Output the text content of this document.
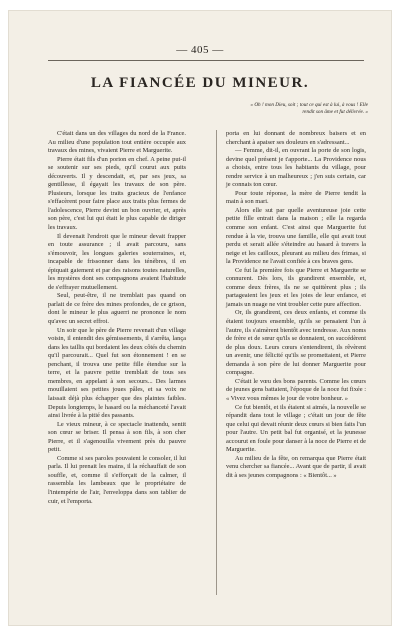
— 405 —
LA FIANCÉE DU MINEUR.
« Oh ! mon Dieu, soit ; tout ce qui est à lui, à vous ! Elle rendit son âme et fut délivrée. »

C'était dans un des villages du nord de la France. Au milieu d'une population tout entière occupée aux travaux des mines, vivaient Pierre et Marguerite.

Pierre était fils d'un porion en chef. A peine put-il se soutenir sur ses pieds, qu'il courut aux puits découverts. Il y descendait, et, par ses jeux, sa gentillesse, il égayait les travaux de son père. Plusieurs, lorsque les traits gracieux de l'enfance s'effacèrent pour faire place aux traits plus fermes de l'adolescence, Pierre devint un bon ouvrier, et, après son père, c'est lui qui était le plus capable de diriger les travaux.

Il devenait l'endroit que le mineur devait frapper en toute assurance ; il avait parcouru, sans s'émouvoir, les longues galeries souterraines, et, incapable de frissonner dans les ténèbres, il en épiquait gaiement et par des raisons toutes naturelles, les mystères dont ses compagnons avaient l'habitude de s'effrayer mutuellement.

Seul, peut-être, il ne tremblait pas quand on parlait de ce frère des mines profondes, de ce grison, dont le mineur le plus aguerri ne prononce le nom qu'avec un secret effroi.

Un soir que le père de Pierre revenait d'un village voisin, il entendit des gémissements, il s'arrêta, lança dans les taillis qui bordaient les deux côtés du chemin qu'il parcourait... Quel fut son étonnement ! en se penchant, il trouva une petite fille étendue sur la terre, et la pauvre petite tremblait de tous ses membres, en appelant à son secours... Des larmes mouillaient ses petites joues pâles, et sa voix ne laissait déjà plus échapper que des plaintes faibles. Depuis longtemps, le hasard ou la méchanceté l'avait ainsi livrée à la pitié des passants.

Le vieux mineur, à ce spectacle inattendu, sentit son cœur se briser. Il pensa à son fils, à son cher Pierre, et il s'agenouilla vivement près du pauvre petit.

Comme si ses paroles pouvaient le consoler, il lui parla. Il lui prenait les mains, il la réchauffait de son souffle, et, comme il s'efforçait de la calmer, il rassembla les lambeaux que le propriétaire de l'intempérie de l'air, l'enveloppa dans son tablier de cuir, et l'emporta.

porta en lui donnant de nombreux baisers et en cherchant à apaiser ses douleurs en s'adressant...

— Femme, dit-il, en ouvrant la porte de son logis, devine quel présent je t'apporte... La Providence nous a choisis, entre tous les habitants du village, pour rendre service à un malheureux ; j'en suis certain, car je connais ton cœur.

Pour toute réponse, la mère de Pierre tendit la main à son mari.

Alors elle sut par quelle aventureuse joie cette petite fille entrait dans la maison ; elle la regarda comme son enfant. C'est ainsi que Marguerite fut rendue à la vie, trouva une famille, elle qui avait tout perdu et serait allée s'éteindre au hasard à travers la neige et les cailloux, pleurant au milieu des frimas, si la Providence ne l'avait confiée à ces braves gens.

Ce fut la première fois que Pierre et Marguerite se connurent. Dès lors, ils grandirent ensemble, et, comme deux frères, ils ne se quittèrent plus ; ils partageaient les jeux et les joies de leur enfance, et jamais un nuage ne vint troubler cette pure affection.

Or, ils grandirent, ces deux enfants, et comme ils étaient toujours ensemble, qu'ils se pensaient l'un à l'autre, ils s'aimèrent bientôt avec tendresse. Aux noms de frère et de sœur qu'ils se donnaient, on succédèrent de plus doux. Leurs cœurs s'entendirent, ils rêvèrent un avenir, une félicité qu'ils se promettaient, et Pierre demanda à son père de lui donner Marguerite pour compagne.

C'était le vœu des bons parents. Comme les cœurs de jeunes gens battaient, l'époque de la noce fut fixée : « Vivez vous mêmes le jour de votre bonheur. »

Ce fut bientôt, et ils étaient si aimés, la nouvelle se répandit dans tout le village ; c'était un jour de fête que celui qui devait réunir deux cœurs si bien faits l'un pour l'autre. Un petit bal fut organisé, et la jeunesse accourut en foule pour danser à la noce de Pierre et de Marguerite.

Au milieu de la fête, on remarqua que Pierre était venu chercher sa fiancée... Avant que de partir, il avait dit à ses jeunes compagnons : « Bientôt... »
